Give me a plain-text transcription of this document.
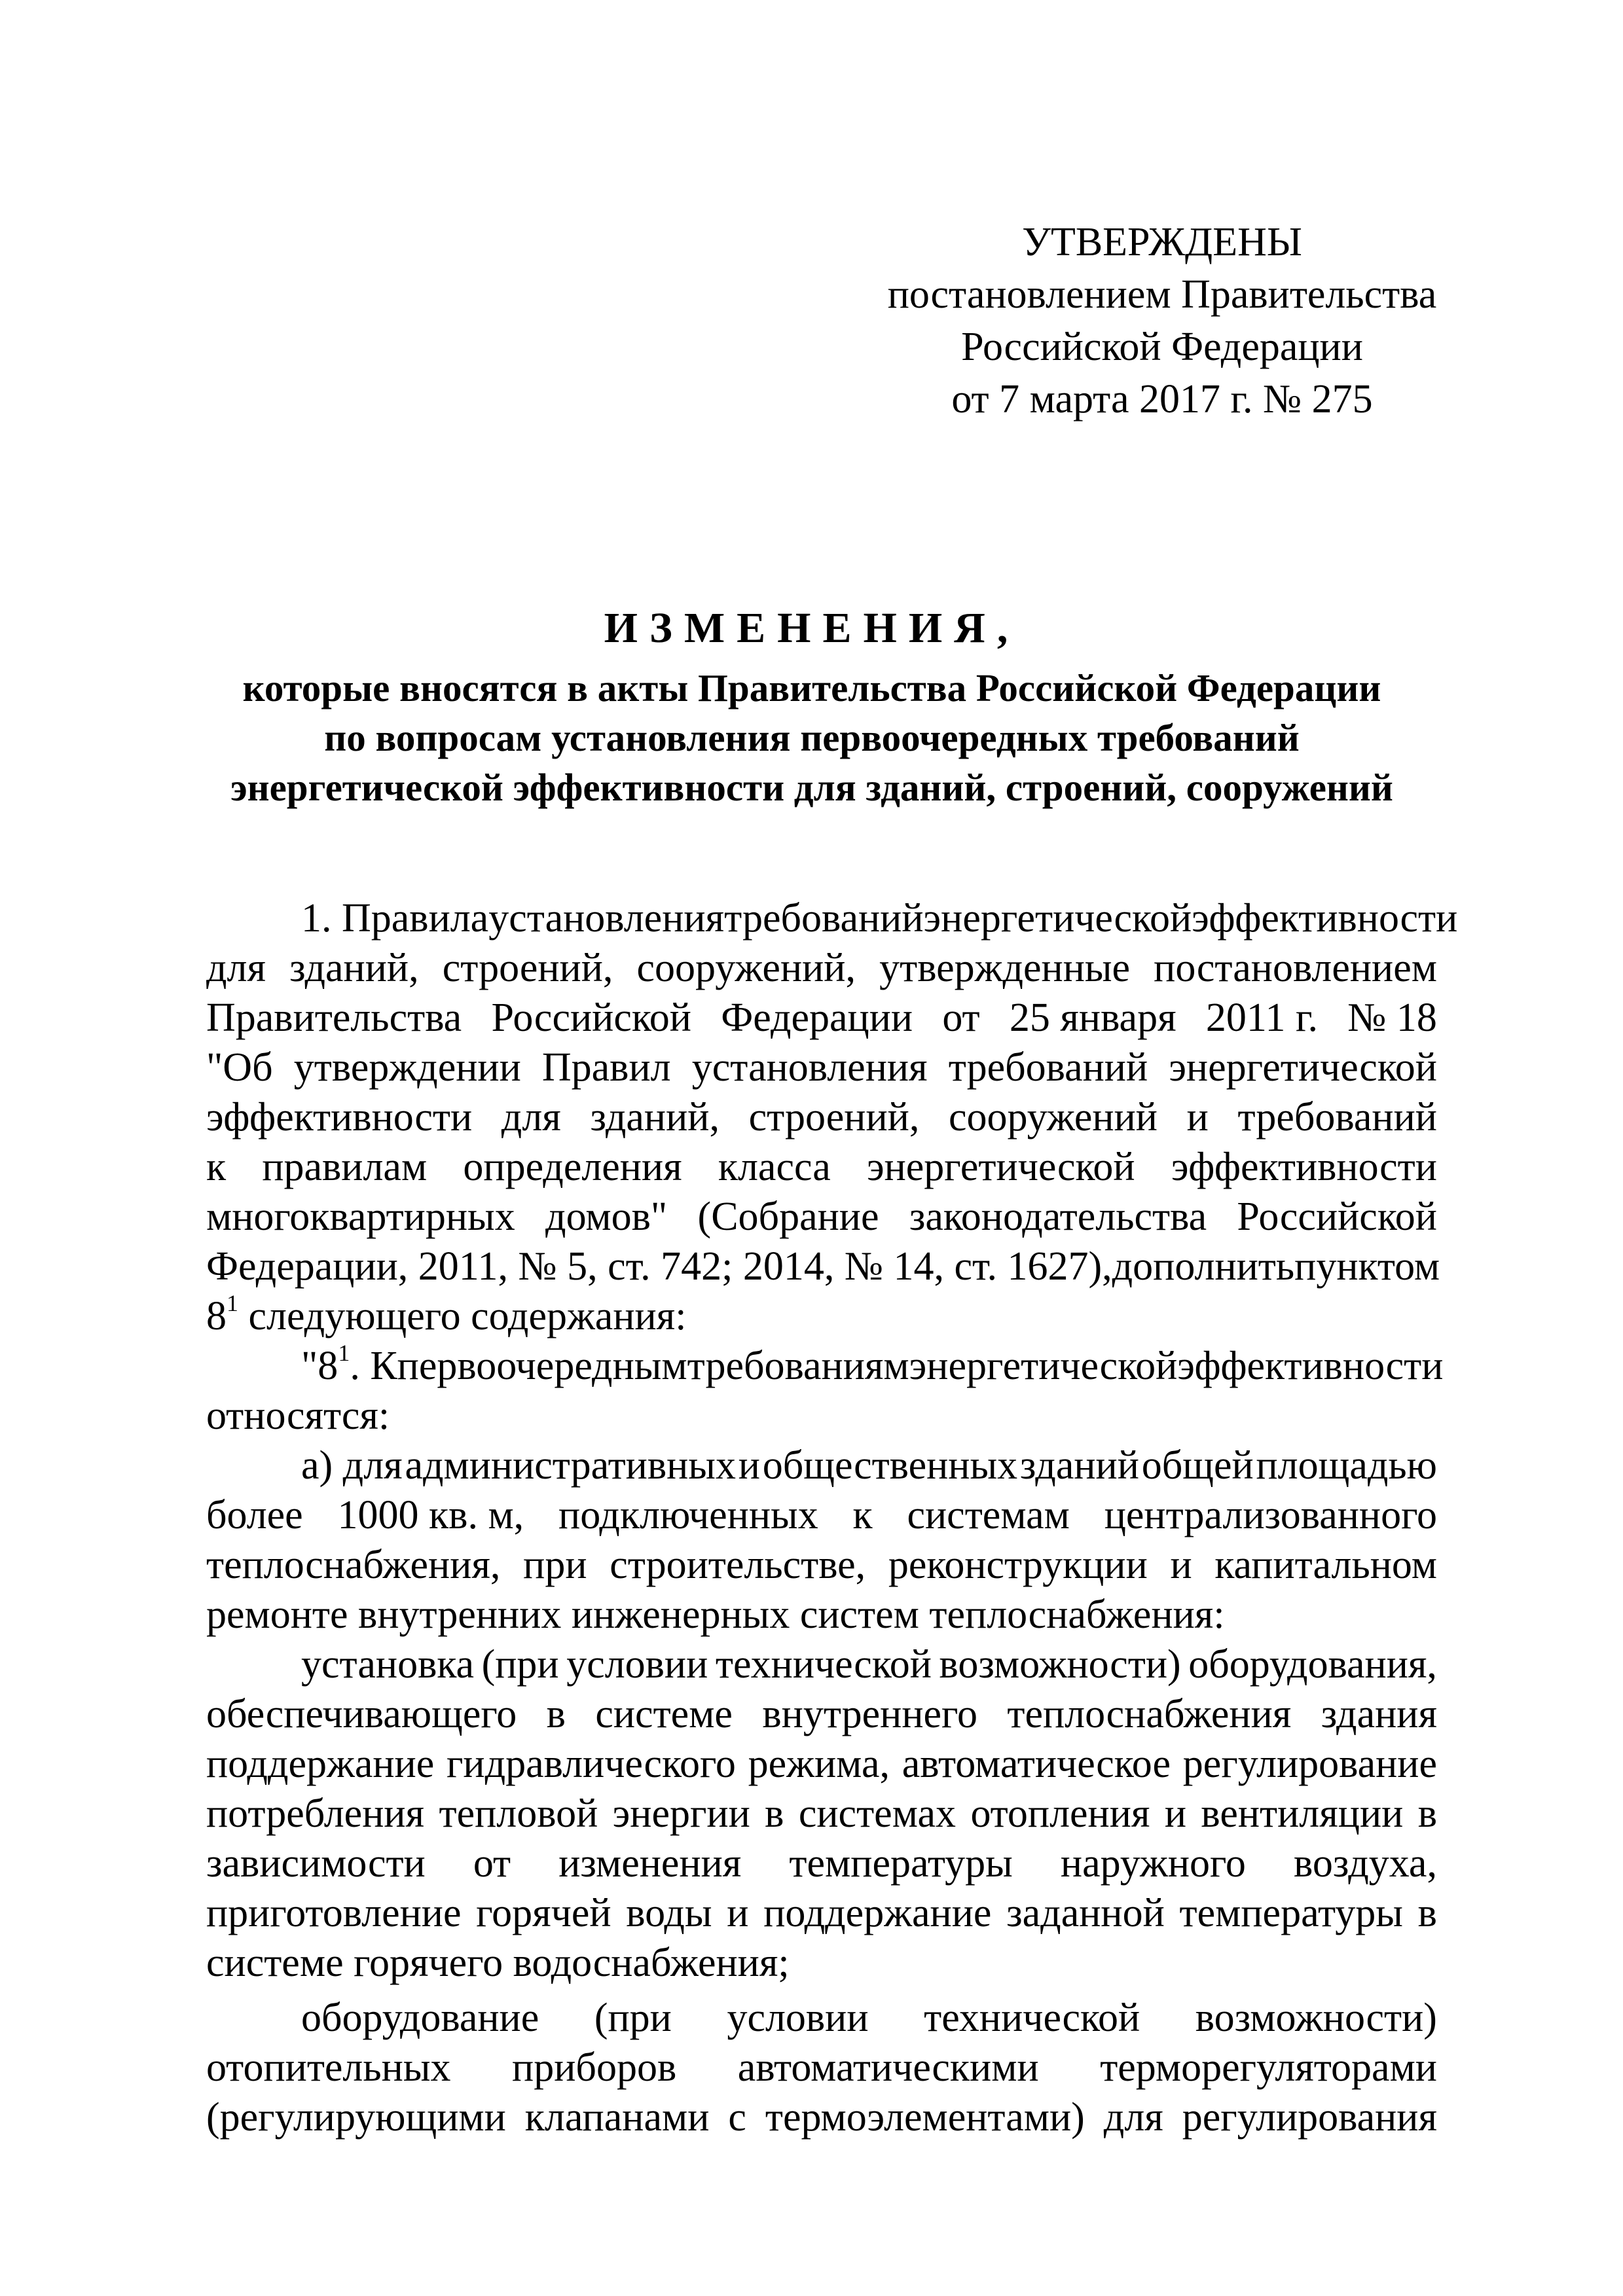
УТВЕРЖДЕНЫ
постановлением Правительства
Российской Федерации
от 7 марта 2017 г. № 275
ИЗМЕНЕНИЯ,
которые вносятся в акты Правительства Российской Федерации
по вопросам установления первоочередных требований
энергетической эффективности для зданий, строений, сооружений
1. Правила установления требований энергетической эффективности
для зданий, строений, сооружений, утвержденные постановлением
Правительства Российской Федерации от 25 января 2011 г. № 18
"Об утверждении Правил установления требований энергетической
эффективности для зданий, строений, сооружений и требований
к правилам определения класса энергетической эффективности
многоквартирных домов" (Собрание законодательства Российской
Федерации, 2011, № 5, ст. 742; 2014, № 14, ст. 1627), дополнить пунктом
$8^1$ следующего содержания:
"$8^1$. К первоочередным требованиям энергетической эффективности
относятся:
а) для административных и общественных зданий общей площадью
более 1000 кв. м, подключенных к системам централизованного
теплоснабжения, при строительстве, реконструкции и капитальном
ремонте внутренних инженерных систем теплоснабжения:
установка (при условии технической возможности) оборудования,
обеспечивающего в системе внутреннего теплоснабжения здания
поддержание гидравлического режима, автоматическое регулирование
потребления тепловой энергии в системах отопления и вентиляции в
зависимости от изменения температуры наружного воздуха,
приготовление горячей воды и поддержание заданной температуры в
системе горячего водоснабжения;
оборудование (при условии технической возможности)
отопительных приборов автоматическими терморегуляторами
(регулирующими клапанами с термоэлементами) для регулирования
